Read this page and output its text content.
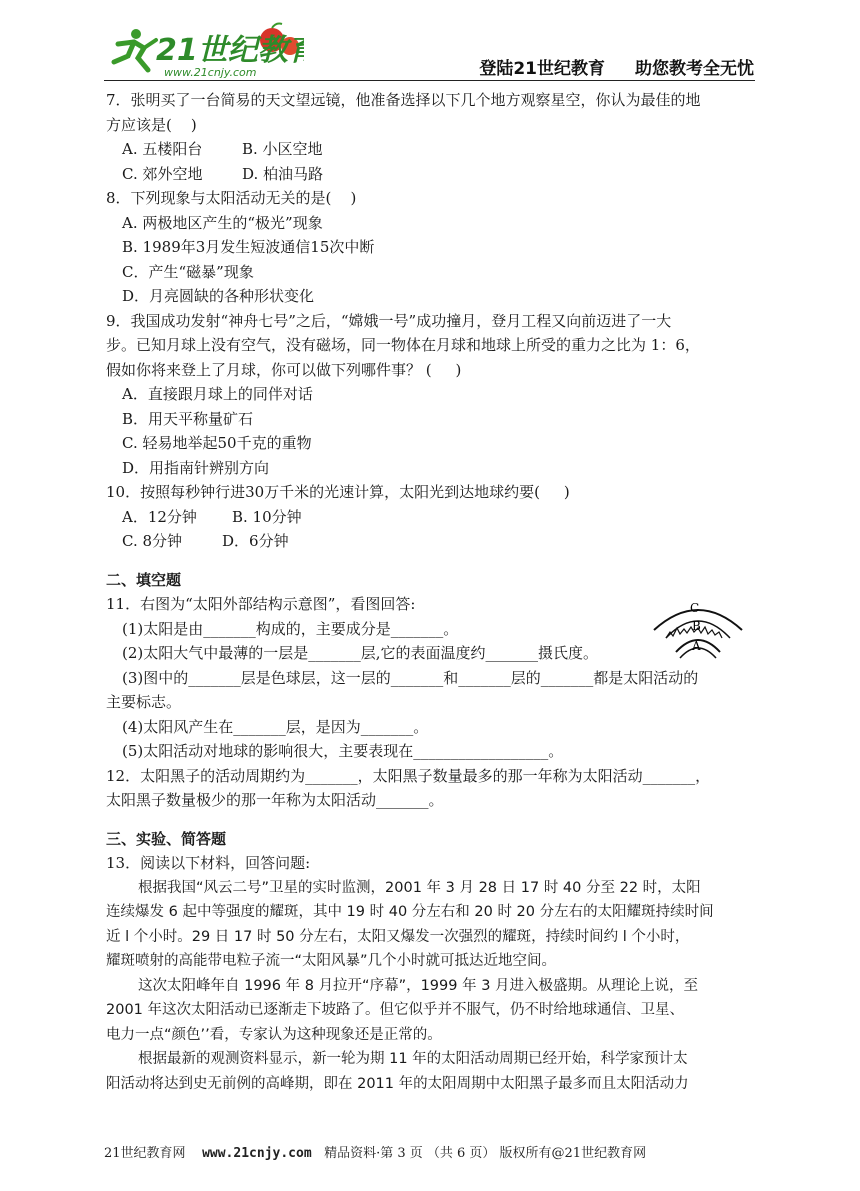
21世纪教育
www.21cnjy.com	登陆21世纪教育 助您教考全无忧
7．张明买了一台简易的天文望远镜，他准备选择以下几个地方观察星空，你认为最佳的地
方应该是(    )
A. 五楼阳台	B. 小区空地
C. 郊外空地	D. 柏油马路
8．下列现象与太阳活动无关的是(    )
A. 两极地区产生的“极光”现象
B. 1989年3月发生短波通信15次中断
C．产生“磁暴”现象
D．月亮圆缺的各种形状变化
9．我国成功发射“神舟七号”之后，“嫦娥一号”成功撞月，登月工程又向前迈进了一大
步。已知月球上没有空气，没有磁场，同一物体在月球和地球上所受的重力之比为 1：6，
假如你将来登上了月球，你可以做下列哪件事？ (     )
A．直接跟月球上的同伴对话
B．用天平称量矿石
C. 轻易地举起50千克的重物
D．用指南针辨别方向
10．按照每秒钟行进30万千米的光速计算，太阳光到达地球约要(     )
A．12分钟 B. 10分钟
C. 8分钟	D．6分钟
二、填空题
11．右图为“太阳外部结构示意图”，看图回答:
(1)太阳是由_______构成的，主要成分是_______。
(2)太阳大气中最薄的一层是_______层,它的表面温度约_______摄氏度。
(3)图中的_______层是色球层，这一层的_______和_______层的_______都是太阳活动的
主要标志。
(4)太阳风产生在_______层，是因为_______。
(5)太阳活动对地球的影响很大，主要表现在__________________。
12．太阳黑子的活动周期约为_______，太阳黑子数量最多的那一年称为太阳活动_______，
太阳黑子数量极少的那一年称为太阳活动_______。
三、实验、简答题
13．阅读以下材料，回答问题:
根据我国“风云二号”卫星的实时监测，2001 年 3 月 28 日 17 时 40 分至 22 时，太阳
连续爆发 6 起中等强度的耀斑，其中 19 时 40 分左右和 20 时 20 分左右的太阳耀斑持续时间
近 l 个小时。29 日 17 时 50 分左右，太阳又爆发一次强烈的耀斑，持续时间约 l 个小时，
耀斑喷射的高能带电粒子流一“太阳风暴”几个小时就可抵达近地空间。
这次太阳峰年自 1996 年 8 月拉开“序幕”，1999 年 3 月进入极盛期。从理论上说，至
2001 年这次太阳活动已逐渐走下坡路了。但它似乎并不服气，仍不时给地球通信、卫星、
电力一点“颜色’’看，专家认为这种现象还是正常的。
根据最新的观测资料显示，新一轮为期 11 年的太阳活动周期已经开始，科学家预计太
阳活动将达到史无前例的高峰期，即在 2011 年的太阳周期中太阳黑子最多而且太阳活动力
C
B
A
21世纪教育网 www.21cnjy.com 精品资料·第 3 页 （共 6 页） 版权所有@21世纪教育网
